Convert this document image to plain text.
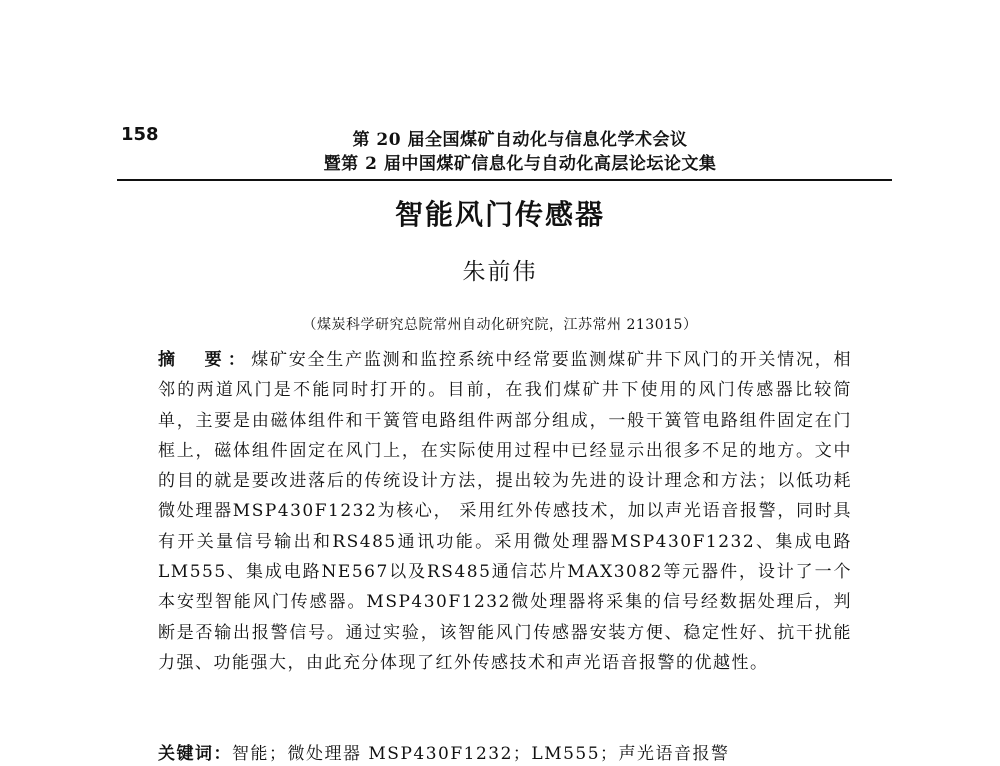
158	第 20 届全国煤矿自动化与信息化学术会议

暨第 2 届中国煤矿信息化与自动化高层论坛论文集
智能风门传感器
朱前伟
（煤炭科学研究总院常州自动化研究院，江苏常州 213015）
摘　要：煤矿安全生产监测和监控系统中经常要监测煤矿井下风门的开关情况，相邻的两道风门是不能同时打开的。目前，在我们煤矿井下使用的风门传感器比较简单，主要是由磁体组件和干簧管电路组件两部分组成，一般干簧管电路组件固定在门框上，磁体组件固定在风门上，在实际使用过程中已经显示出很多不足的地方。文中的目的就是要改进落后的传统设计方法，提出较为先进的设计理念和方法；以低功耗微处理器MSP430F1232为核心， 采用红外传感技术，加以声光语音报警，同时具有开关量信号输出和RS485通讯功能。采用微处理器MSP430F1232、集成电路LM555、集成电路NE567以及RS485通信芯片MAX3082等元器件，设计了一个本安型智能风门传感器。MSP430F1232微处理器将采集的信号经数据处理后，判断是否输出报警信号。通过实验，该智能风门传感器安装方便、稳定性好、抗干扰能力强、功能强大，由此充分体现了红外传感技术和声光语音报警的优越性。
关键词：智能；微处理器 MSP430F1232；LM555；声光语音报警
